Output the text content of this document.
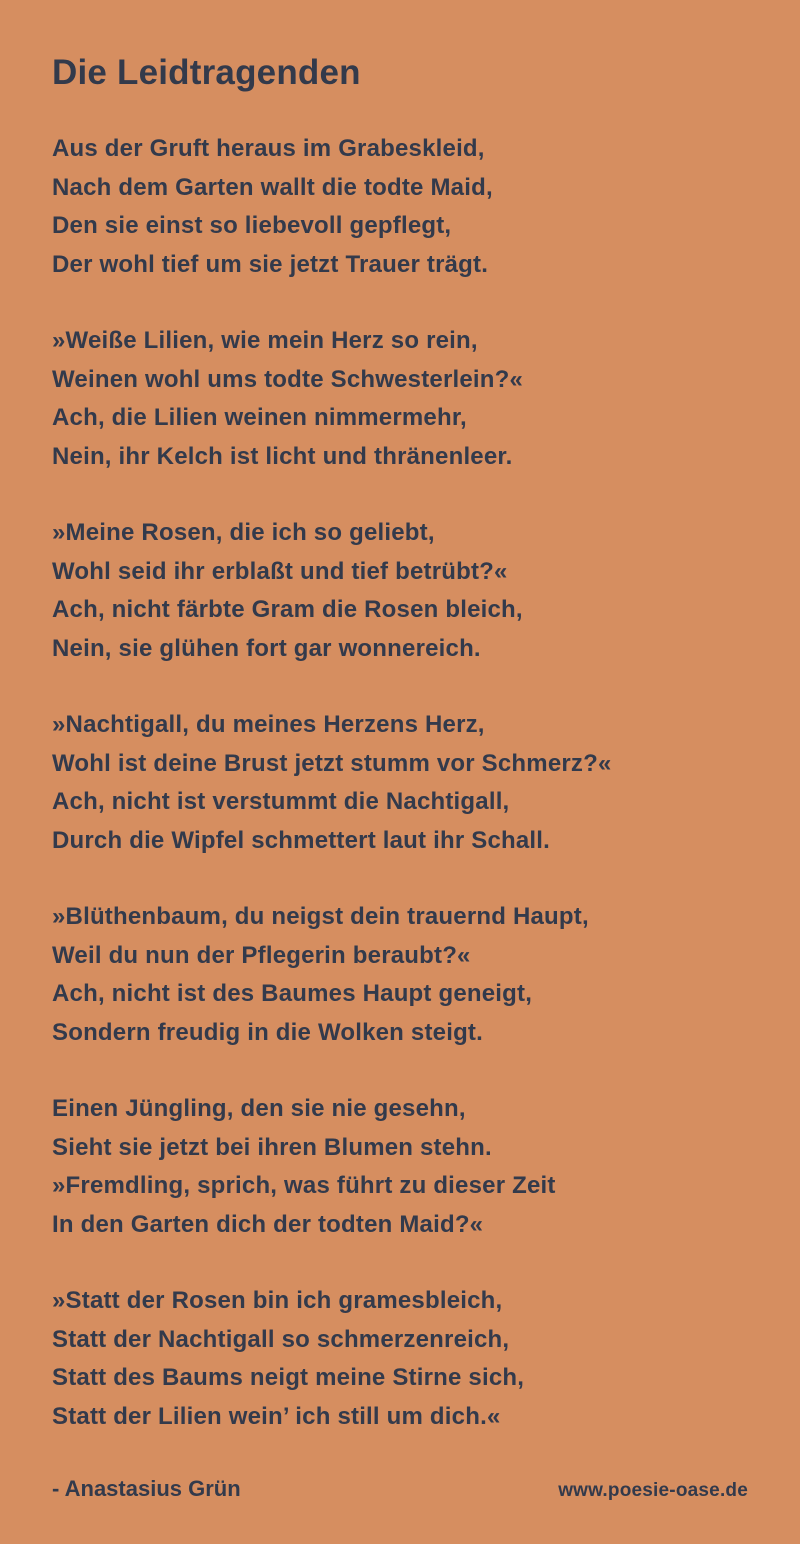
Die Leidtragenden
Aus der Gruft heraus im Grabeskleid,
Nach dem Garten wallt die todte Maid,
Den sie einst so liebevoll gepflegt,
Der wohl tief um sie jetzt Trauer trägt.
»Weiße Lilien, wie mein Herz so rein,
Weinen wohl ums todte Schwesterlein?«
Ach, die Lilien weinen nimmermehr,
Nein, ihr Kelch ist licht und thränenleer.
»Meine Rosen, die ich so geliebt,
Wohl seid ihr erblaßt und tief betrübt?«
Ach, nicht färbte Gram die Rosen bleich,
Nein, sie glühen fort gar wonnereich.
»Nachtigall, du meines Herzens Herz,
Wohl ist deine Brust jetzt stumm vor Schmerz?«
Ach, nicht ist verstummt die Nachtigall,
Durch die Wipfel schmettert laut ihr Schall.
»Blüthenbaum, du neigst dein trauernd Haupt,
Weil du nun der Pflegerin beraubt?«
Ach, nicht ist des Baumes Haupt geneigt,
Sondern freudig in die Wolken steigt.
Einen Jüngling, den sie nie gesehn,
Sieht sie jetzt bei ihren Blumen stehn.
»Fremdling, sprich, was führt zu dieser Zeit
In den Garten dich der todten Maid?«
»Statt der Rosen bin ich gramesbleich,
Statt der Nachtigall so schmerzenreich,
Statt des Baums neigt meine Stirne sich,
Statt der Lilien wein’ ich still um dich.«
- Anastasius Grün	www.poesie-oase.de
